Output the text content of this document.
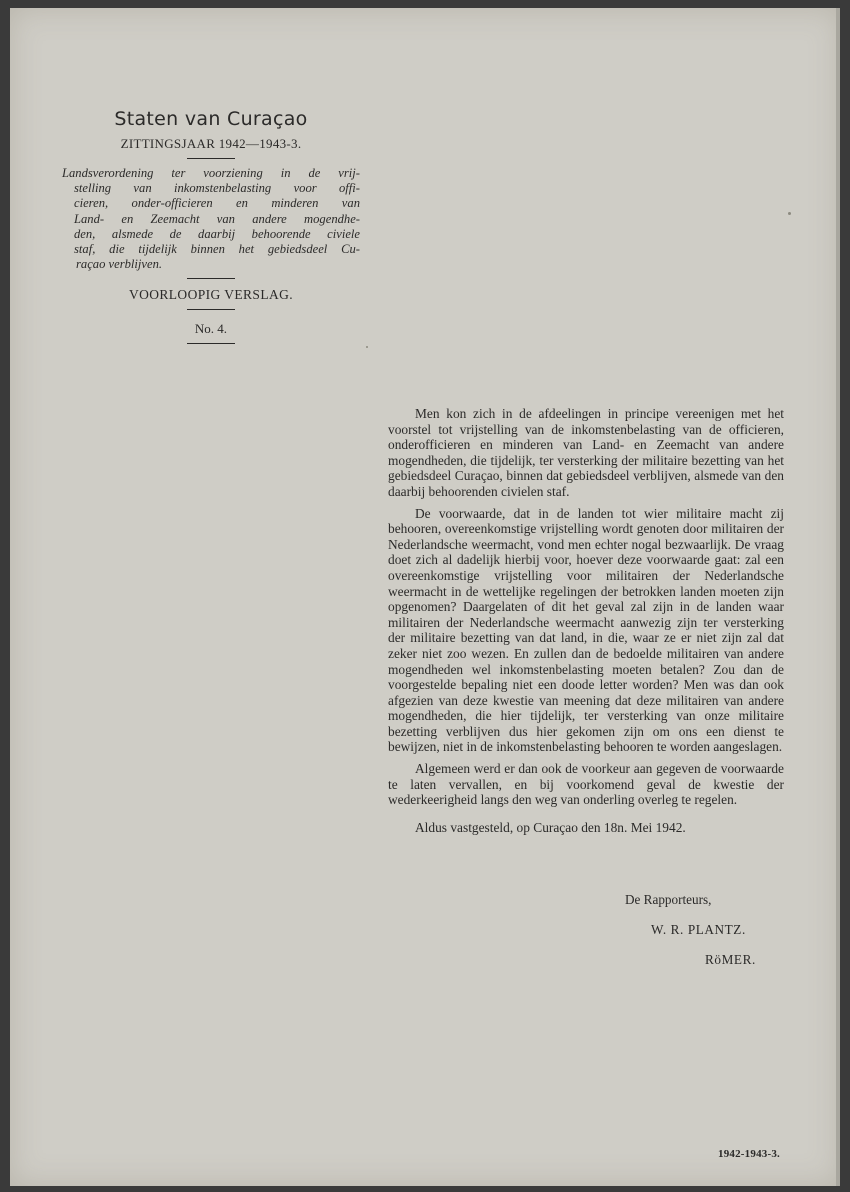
Staten van Curaçao
ZITTINGSJAAR 1942—1943-3.
Landsverordening ter voorziening in de vrij-
stelling van inkomstenbelasting voor offi-
cieren, onder-officieren en minderen van
Land- en Zeemacht van andere mogendhe-
den, alsmede de daarbij behoorende civiele
staf, die tijdelijk binnen het gebiedsdeel Cu-
raçao verblijven.
VOORLOOPIG VERSLAG.
No. 4.

Men kon zich in de afdeelingen in principe vereenigen met het voorstel tot vrijstelling van de inkomstenbelasting van de officieren, onderofficieren en minderen van Land- en Zeemacht van andere mogendheden, die tijdelijk, ter versterking der militaire bezetting van het gebiedsdeel Curaçao, binnen dat gebiedsdeel verblijven, alsmede van den daarbij behoorenden civielen staf.

De voorwaarde, dat in de landen tot wier militaire macht zij behooren, overeenkomstige vrijstelling wordt genoten door militairen der Nederlandsche weermacht, vond men echter nogal bezwaarlijk. De vraag doet zich al dadelijk hierbij voor, hoever deze voorwaarde gaat: zal een overeenkomstige vrijstelling voor militairen der Nederlandsche weermacht in de wettelijke regelingen der betrokken landen moeten zijn opgenomen? Daargelaten of dit het geval zal zijn in de landen waar militairen der Nederlandsche weermacht aanwezig zijn ter versterking der militaire bezetting van dat land, in die, waar ze er niet zijn zal dat zeker niet zoo wezen. En zullen dan de bedoelde militairen van andere mogendheden wel inkomstenbelasting moeten betalen? Zou dan de voorgestelde bepaling niet een doode letter worden? Men was dan ook afgezien van deze kwestie van meening dat deze militairen van andere mogendheden, die hier tijdelijk, ter versterking van onze militaire bezetting verblijven dus hier gekomen zijn om ons een dienst te bewijzen, niet in de inkomstenbelasting behooren te worden aangeslagen.

Algemeen werd er dan ook de voorkeur aan gegeven de voorwaarde te laten vervallen, en bij voorkomend geval de kwestie der wederkeerigheid langs den weg van onderling overleg te regelen.

Aldus vastgesteld, op Curaçao den 18n. Mei 1942.
De Rapporteurs,
W. R. PLANTZ.
RöMER.
1942-1943-3.
